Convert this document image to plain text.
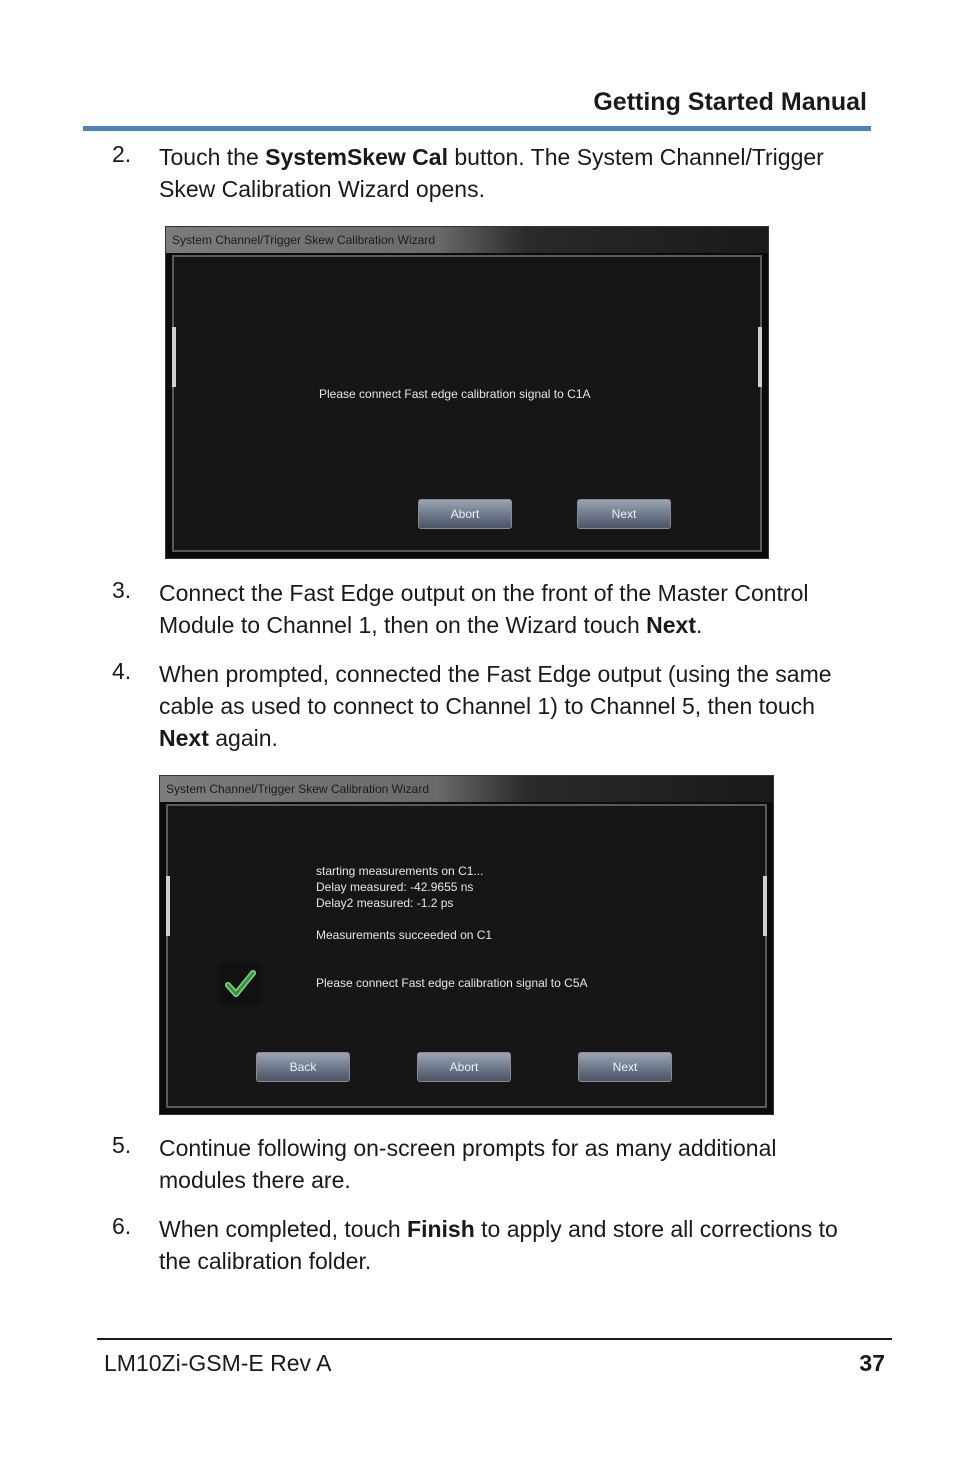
Getting Started Manual
2. Touch the SystemSkew Cal button. The System Channel/Trigger Skew Calibration Wizard opens.
System Channel/Trigger Skew Calibration Wizard
Please connect Fast edge calibration signal to C1A
Abort	Next
3. Connect the Fast Edge output on the front of the Master Control Module to Channel 1, then on the Wizard touch Next.
4. When prompted, connected the Fast Edge output (using the same cable as used to connect to Channel 1) to Channel 5, then touch Next again.
System Channel/Trigger Skew Calibration Wizard
starting measurements on C1...
Delay measured: -42.9655 ns
Delay2 measured: -1.2 ps
Measurements succeeded on C1
Please connect Fast edge calibration signal to C5A
Back	Abort	Next
5. Continue following on-screen prompts for as many additional modules there are.
6. When completed, touch Finish to apply and store all corrections to the calibration folder.
LM10Zi-GSM-E Rev A	37
